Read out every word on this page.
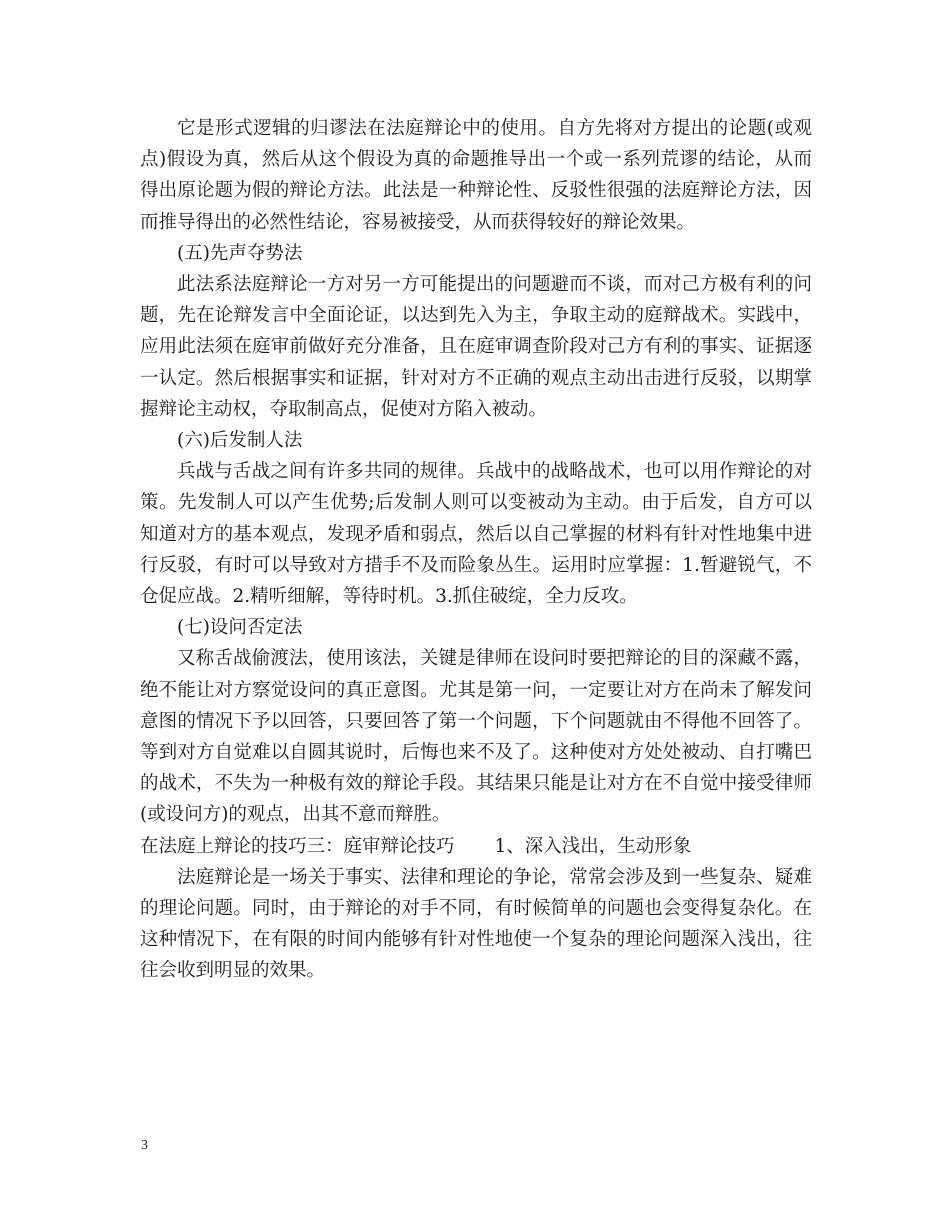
它是形式逻辑的归谬法在法庭辩论中的使用。自方先将对方提出的论题(或观点)假设为真，然后从这个假设为真的命题推导出一个或一系列荒谬的结论，从而得出原论题为假的辩论方法。此法是一种辩论性、反驳性很强的法庭辩论方法，因而推导得出的必然性结论，容易被接受，从而获得较好的辩论效果。

(五)先声夺势法

此法系法庭辩论一方对另一方可能提出的问题避而不谈，而对己方极有利的问题，先在论辩发言中全面论证，以达到先入为主，争取主动的庭辩战术。实践中，应用此法须在庭审前做好充分准备，且在庭审调查阶段对己方有利的事实、证据逐一认定。然后根据事实和证据，针对对方不正确的观点主动出击进行反驳，以期掌握辩论主动权，夺取制高点，促使对方陷入被动。

(六)后发制人法

兵战与舌战之间有许多共同的规律。兵战中的战略战术，也可以用作辩论的对策。先发制人可以产生优势;后发制人则可以变被动为主动。由于后发，自方可以知道对方的基本观点，发现矛盾和弱点，然后以自己掌握的材料有针对性地集中进行反驳，有时可以导致对方措手不及而险象丛生。运用时应掌握：1.暂避锐气，不仓促应战。2.精听细解，等待时机。3.抓住破绽，全力反攻。

(七)设问否定法

又称舌战偷渡法，使用该法，关键是律师在设问时要把辩论的目的深藏不露，绝不能让对方察觉设问的真正意图。尤其是第一问，一定要让对方在尚未了解发问意图的情况下予以回答，只要回答了第一个问题，下个问题就由不得他不回答了。等到对方自觉难以自圆其说时，后悔也来不及了。这种使对方处处被动、自打嘴巴的战术，不失为一种极有效的辩论手段。其结果只能是让对方在不自觉中接受律师(或设问方)的观点，出其不意而辩胜。

在法庭上辩论的技巧三：庭审辩论技巧 1、深入浅出，生动形象

法庭辩论是一场关于事实、法律和理论的争论，常常会涉及到一些复杂、疑难的理论问题。同时，由于辩论的对手不同，有时候简单的问题也会变得复杂化。在这种情况下，在有限的时间内能够有针对性地使一个复杂的理论问题深入浅出，往往会收到明显的效果。

3
